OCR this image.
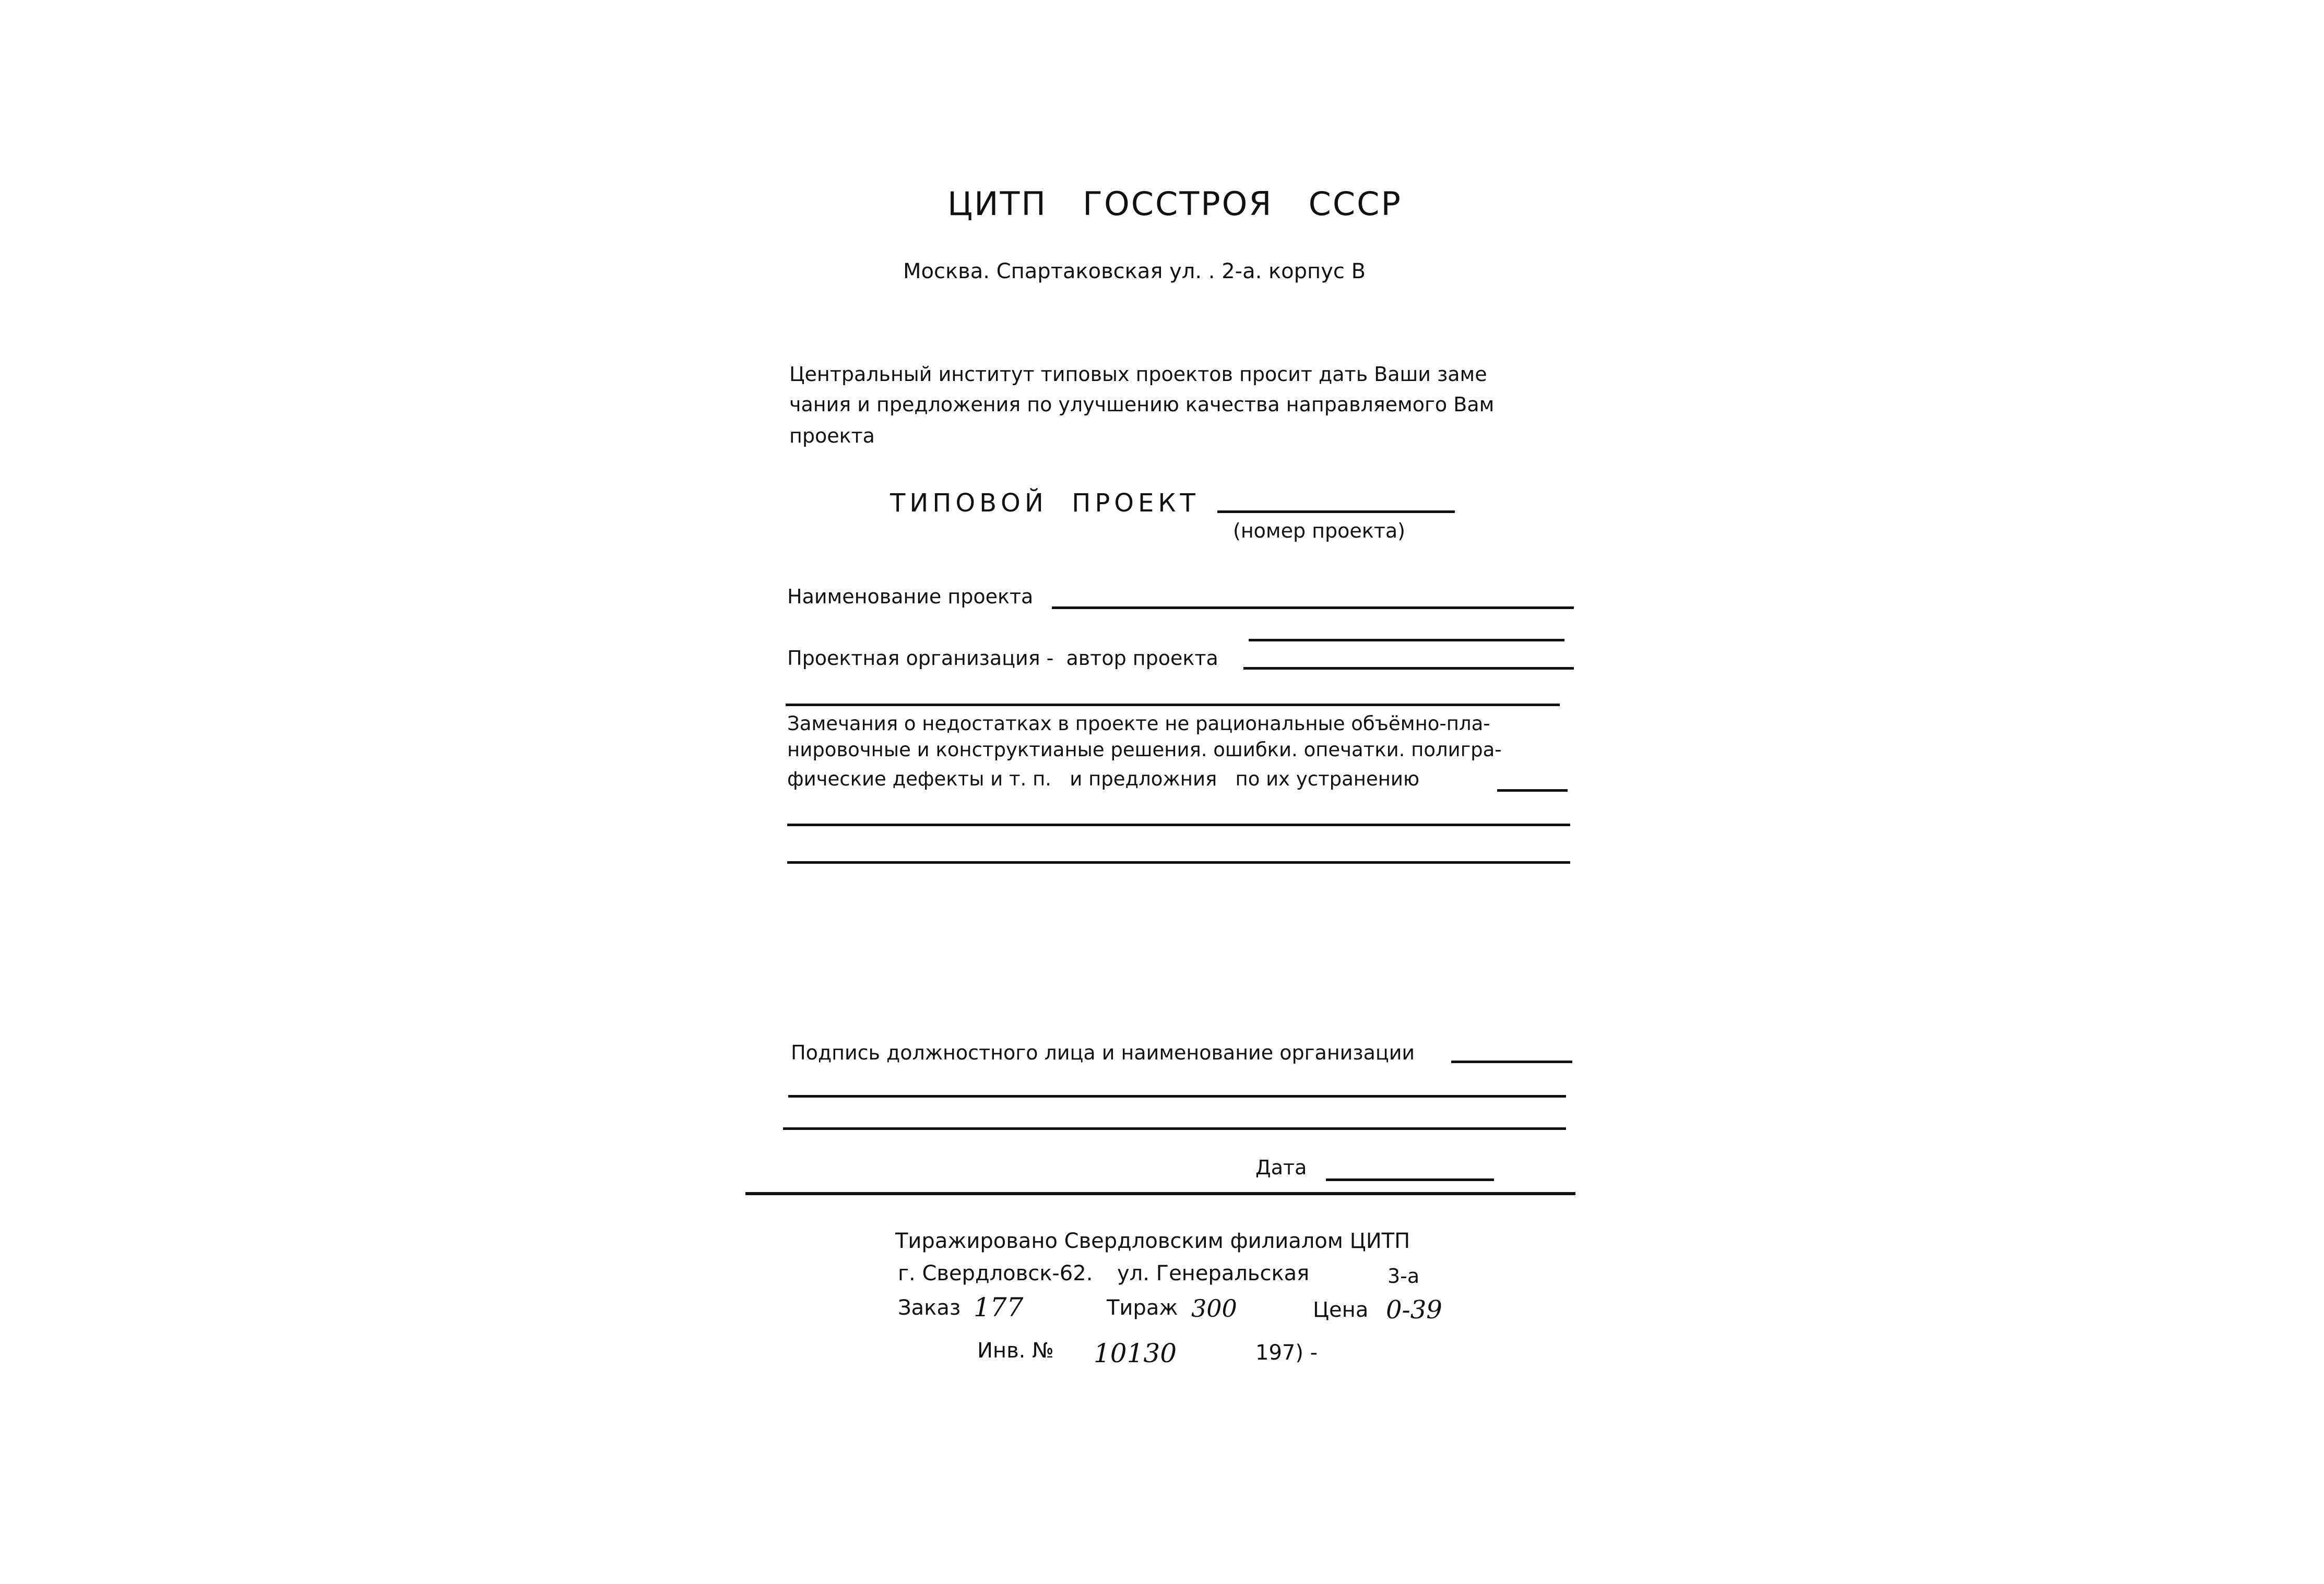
ЦИТП   ГОССТРОЯ   СССР
Москва. Спартаковская ул. . 2-а. корпус В
Центральный институт типовых проектов просит дать Ваши заме
чания и предложения по улучшению качества направляемого Вам
проекта
ТИПОВОЙ  ПРОЕКТ
(номер проекта)
Наименование проекта
Проектная организация -  автор проекта
Замечания о недостатках в проекте не рациональные объёмно-пла-
нировочные и конструктианые решения. ошибки. опечатки. полигра-
фические дефекты и т. п.   и предложния   по их устранению
Подпись должностного лица и наименование организации
Дата
Тиражировано Свердловским филиалом ЦИТП
г. Свердловск-62. ул. Генеральская	3-а
Заказ 177	Тираж 300	Цена 0-39
Инв. № 10130	197) -
